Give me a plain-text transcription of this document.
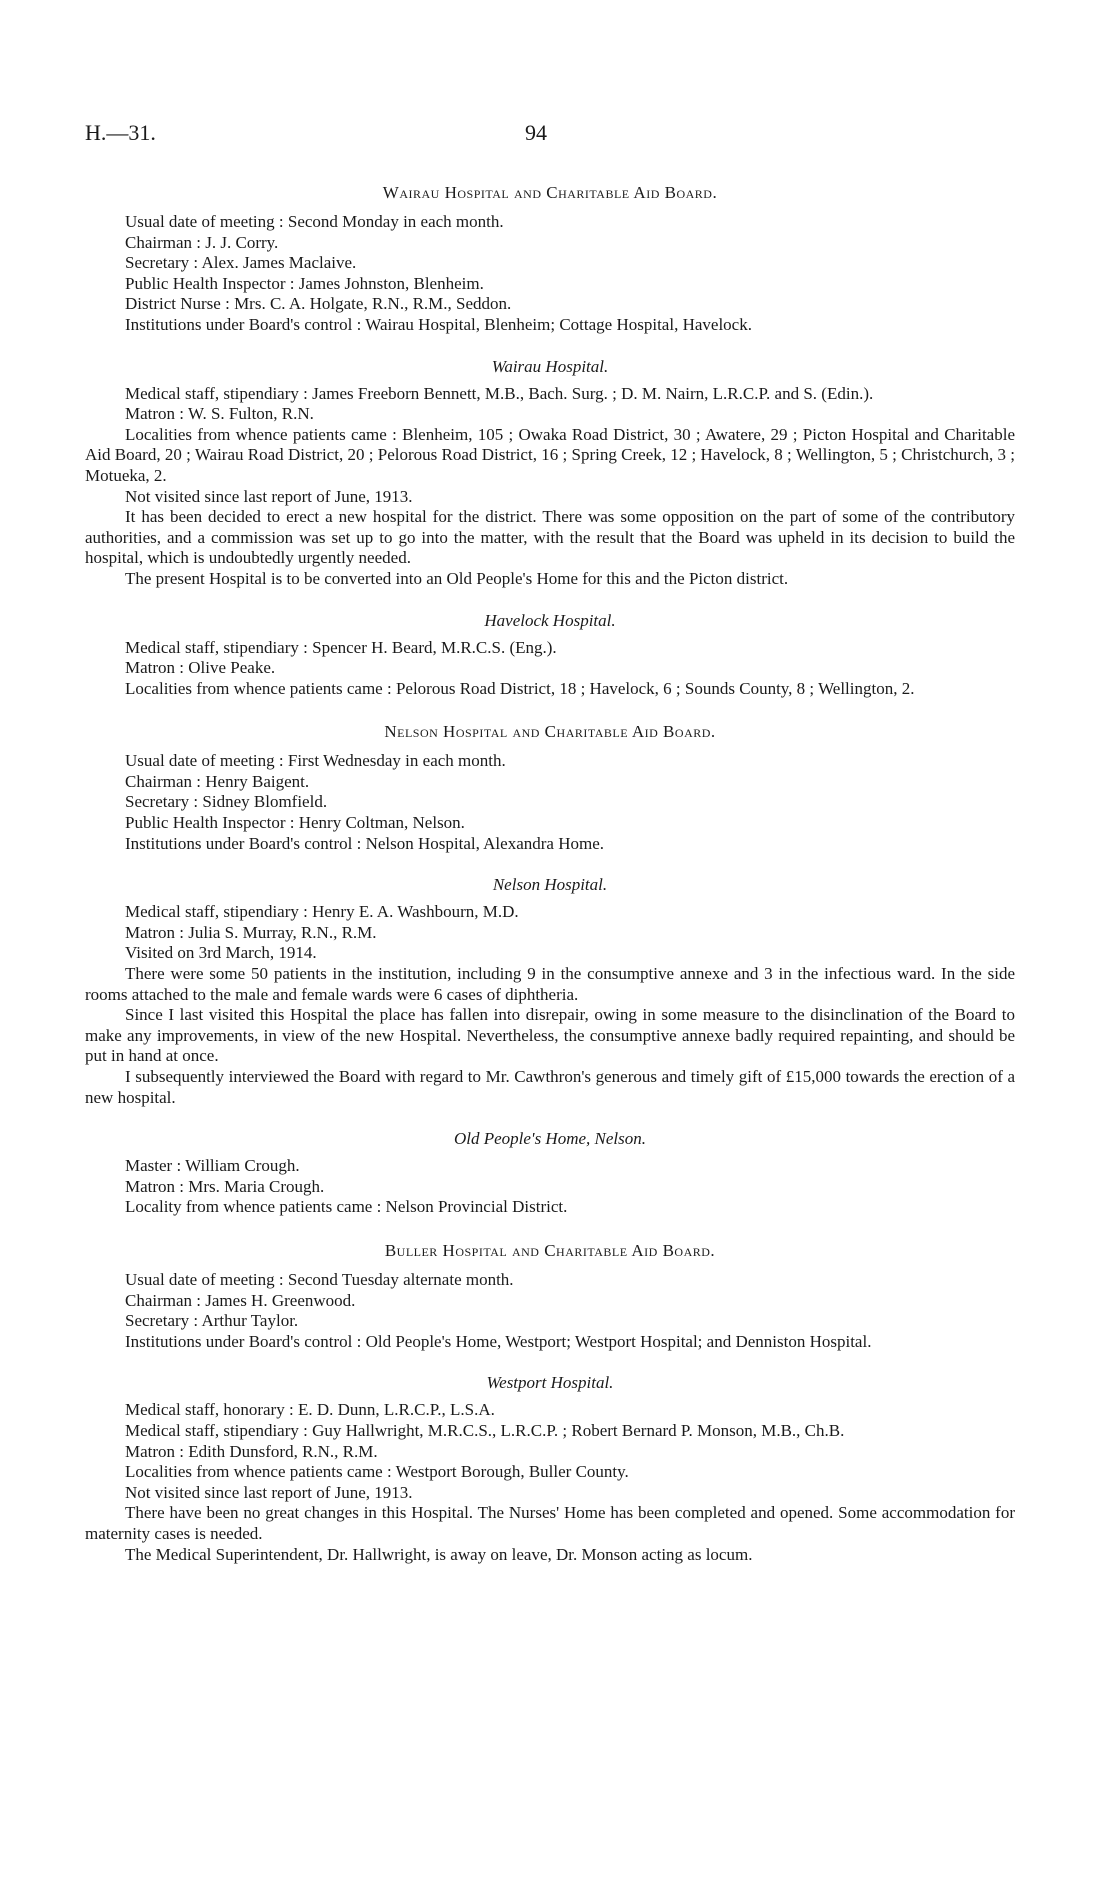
H.—31.	94
Wairau Hospital and Charitable Aid Board.

Usual date of meeting : Second Monday in each month.

Chairman : J. J. Corry.

Secretary : Alex. James Maclaive.

Public Health Inspector : James Johnston, Blenheim.

District Nurse : Mrs. C. A. Holgate, R.N., R.M., Seddon.

Institutions under Board's control : Wairau Hospital, Blenheim; Cottage Hospital, Havelock.

Wairau Hospital.

Medical staff, stipendiary : James Freeborn Bennett, M.B., Bach. Surg. ; D. M. Nairn, L.R.C.P. and S. (Edin.).

Matron : W. S. Fulton, R.N.

Localities from whence patients came : Blenheim, 105 ; Owaka Road District, 30 ; Awatere, 29 ; Picton Hospital and Charitable Aid Board, 20 ; Wairau Road District, 20 ; Pelorous Road District, 16 ; Spring Creek, 12 ; Havelock, 8 ; Wellington, 5 ; Christchurch, 3 ; Motueka, 2.

Not visited since last report of June, 1913.

It has been decided to erect a new hospital for the district. There was some opposition on the part of some of the contributory authorities, and a commission was set up to go into the matter, with the result that the Board was upheld in its decision to build the hospital, which is undoubtedly urgently needed.

The present Hospital is to be converted into an Old People's Home for this and the Picton district.

Havelock Hospital.

Medical staff, stipendiary : Spencer H. Beard, M.R.C.S. (Eng.).

Matron : Olive Peake.

Localities from whence patients came : Pelorous Road District, 18 ; Havelock, 6 ; Sounds County, 8 ; Wellington, 2.

Nelson Hospital and Charitable Aid Board.

Usual date of meeting : First Wednesday in each month.

Chairman : Henry Baigent.

Secretary : Sidney Blomfield.

Public Health Inspector : Henry Coltman, Nelson.

Institutions under Board's control : Nelson Hospital, Alexandra Home.

Nelson Hospital.

Medical staff, stipendiary : Henry E. A. Washbourn, M.D.

Matron : Julia S. Murray, R.N., R.M.

Visited on 3rd March, 1914.

There were some 50 patients in the institution, including 9 in the consumptive annexe and 3 in the infectious ward. In the side rooms attached to the male and female wards were 6 cases of diphtheria.

Since I last visited this Hospital the place has fallen into disrepair, owing in some measure to the disinclination of the Board to make any improvements, in view of the new Hospital. Nevertheless, the consumptive annexe badly required repainting, and should be put in hand at once.

I subsequently interviewed the Board with regard to Mr. Cawthron's generous and timely gift of £15,000 towards the erection of a new hospital.

Old People's Home, Nelson.

Master : William Crough.

Matron : Mrs. Maria Crough.

Locality from whence patients came : Nelson Provincial District.

Buller Hospital and Charitable Aid Board.

Usual date of meeting : Second Tuesday alternate month.

Chairman : James H. Greenwood.

Secretary : Arthur Taylor.

Institutions under Board's control : Old People's Home, Westport; Westport Hospital; and Denniston Hospital.

Westport Hospital.

Medical staff, honorary : E. D. Dunn, L.R.C.P., L.S.A.

Medical staff, stipendiary : Guy Hallwright, M.R.C.S., L.R.C.P. ; Robert Bernard P. Monson, M.B., Ch.B.

Matron : Edith Dunsford, R.N., R.M.

Localities from whence patients came : Westport Borough, Buller County.

Not visited since last report of June, 1913.

There have been no great changes in this Hospital. The Nurses' Home has been completed and opened. Some accommodation for maternity cases is needed.

The Medical Superintendent, Dr. Hallwright, is away on leave, Dr. Monson acting as locum.
